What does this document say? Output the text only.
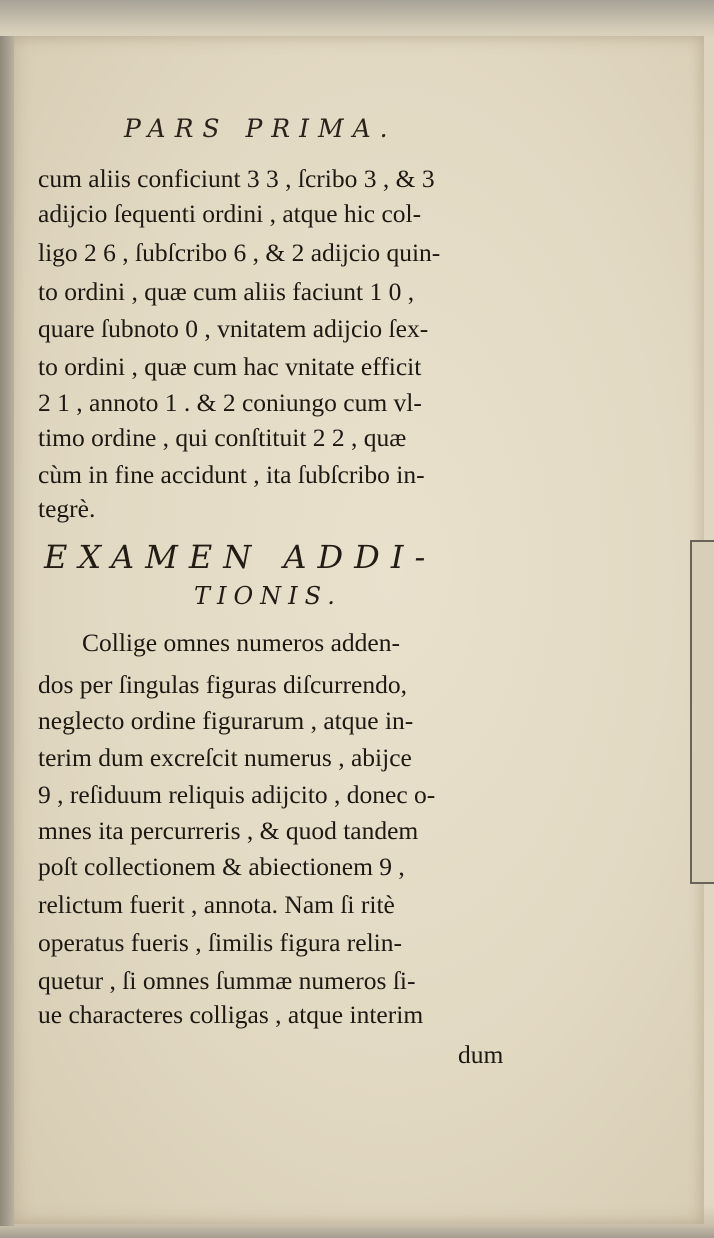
PARS PRIMA.
cum aliis conficiunt 3 3 , ſcribo 3 , & 3
adijcio ſequenti ordini , atque hic col-
ligo 2 6 , ſubſcribo 6 , & 2 adijcio quin-
to ordini , quæ cum aliis faciunt 1 0 ,
quare ſubnoto 0 , vnitatem adijcio ſex-
to ordini , quæ cum hac vnitate efficit
2 1 , annoto 1 . & 2 coniungo cum vl-
timo ordine , qui conſtituit 2 2 , quæ
cùm in fine accidunt , ita ſubſcribo in-
tegrè.
EXAMEN ADDI-
TIONIS.
Collige omnes numeros adden-
dos per ſingulas figuras diſcurrendo,
neglecto ordine figurarum , atque in-
terim dum excreſcit numerus , abijce
9 , reſiduum reliquis adijcito , donec o-
mnes ita percurreris , & quod tandem
poſt collectionem & abiectionem 9 ,
relictum fuerit , annota. Nam ſi ritè
operatus fueris , ſimilis figura relin-
quetur , ſi omnes ſummæ numeros ſi-
ue characteres colligas , atque interim
dum
